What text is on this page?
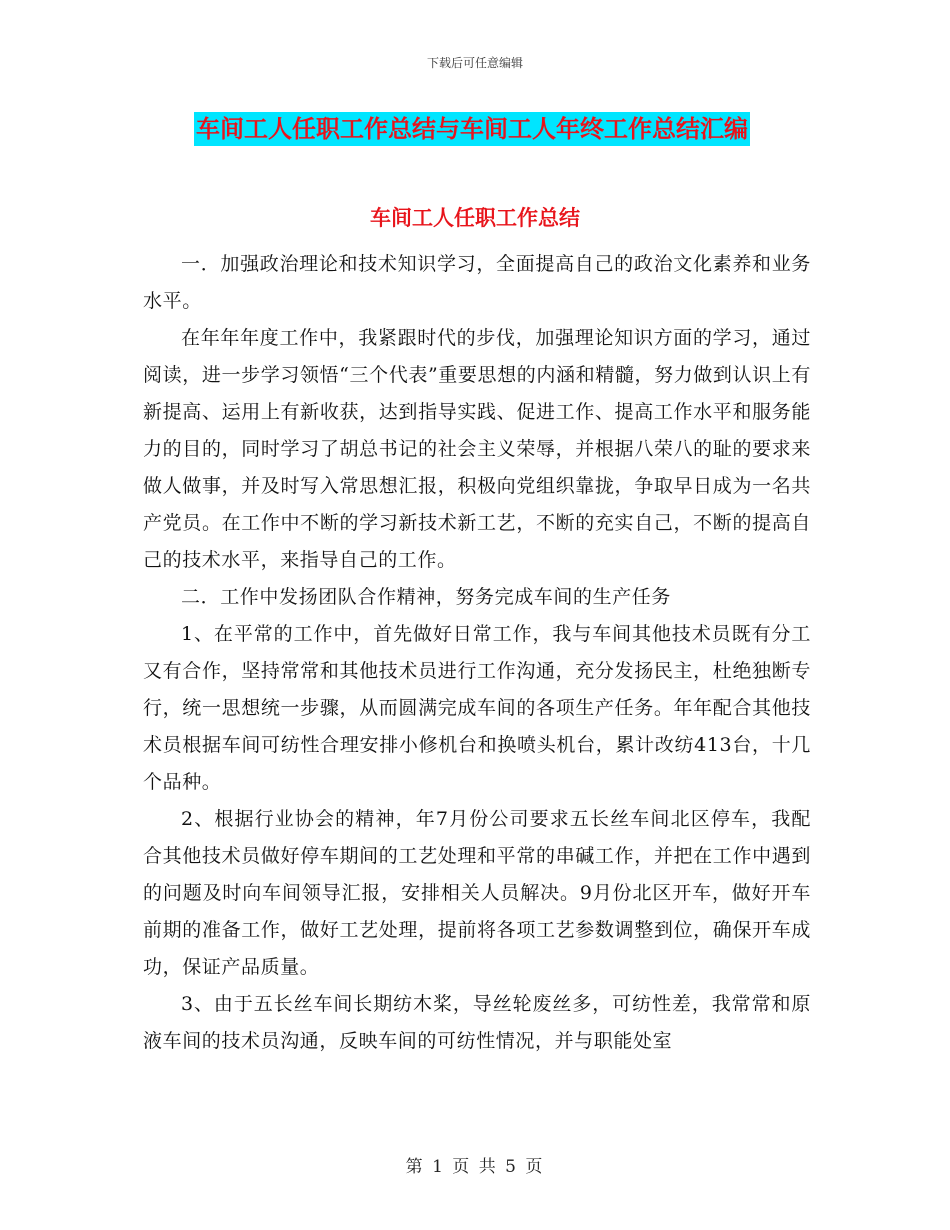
下载后可任意编辑
车间工人任职工作总结与车间工人年终工作总结汇编
车间工人任职工作总结

一．加强政治理论和技术知识学习，全面提高自己的政治文化素养和业务水平。

在年年年度工作中，我紧跟时代的步伐，加强理论知识方面的学习，通过阅读，进一步学习领悟“三个代表”重要思想的内涵和精髓，努力做到认识上有新提高、运用上有新收获，达到指导实践、促进工作、提高工作水平和服务能力的目的，同时学习了胡总书记的社会主义荣辱，并根据八荣八的耻的要求来做人做事，并及时写入常思想汇报，积极向党组织靠拢，争取早日成为一名共产党员。在工作中不断的学习新技术新工艺，不断的充实自己，不断的提高自己的技术水平，来指导自己的工作。

二．工作中发扬团队合作精神，努务完成车间的生产任务

1、在平常的工作中，首先做好日常工作，我与车间其他技术员既有分工又有合作，坚持常常和其他技术员进行工作沟通，充分发扬民主，杜绝独断专行，统一思想统一步骤，从而圆满完成车间的各项生产任务。年年配合其他技术员根据车间可纺性合理安排小修机台和换喷头机台，累计改纺413台，十几个品种。

2、根据行业协会的精神，年7月份公司要求五长丝车间北区停车，我配合其他技术员做好停车期间的工艺处理和平常的串碱工作，并把在工作中遇到的问题及时向车间领导汇报，安排相关人员解决。9月份北区开车，做好开车前期的准备工作，做好工艺处理，提前将各项工艺参数调整到位，确保开车成功，保证产品质量。

3、由于五长丝车间长期纺木桨，导丝轮废丝多，可纺性差，我常常和原液车间的技术员沟通，反映车间的可纺性情况，并与职能处室

第 1 页 共 5 页
